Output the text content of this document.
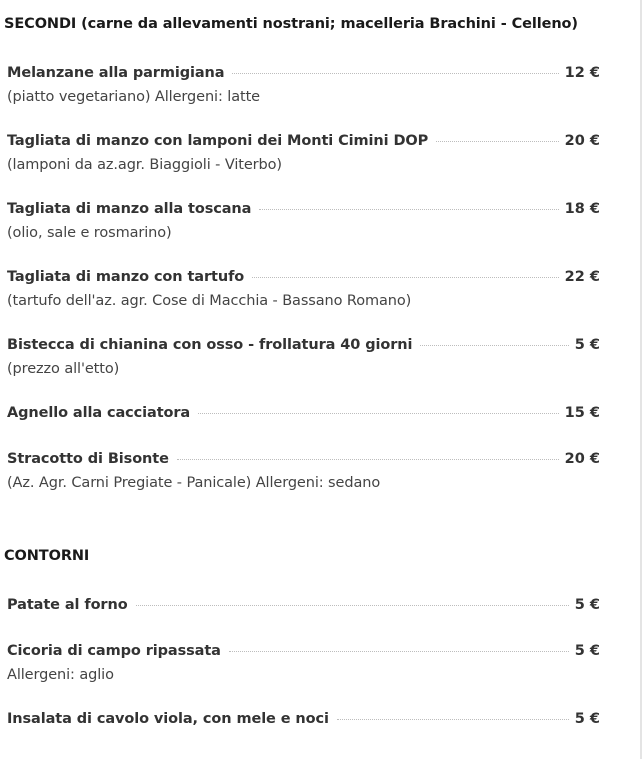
SECONDI (carne da allevamenti nostrani; macelleria Brachini - Celleno)
Melanzane alla parmigiana	12 €
(piatto vegetariano) Allergeni: latte
Tagliata di manzo con lamponi dei Monti Cimini DOP	20 €
(lamponi da az.agr. Biaggioli - Viterbo)
Tagliata di manzo alla toscana	18 €
(olio, sale e rosmarino)
Tagliata di manzo con tartufo	22 €
(tartufo dell'az. agr. Cose di Macchia - Bassano Romano)
Bistecca di chianina con osso - frollatura 40 giorni	5 €
(prezzo all'etto)
Agnello alla cacciatora	15 €
Stracotto di Bisonte	20 €
(Az. Agr. Carni Pregiate - Panicale) Allergeni: sedano
CONTORNI
Patate al forno	5 €
Cicoria di campo ripassata	5 €
Allergeni: aglio
Insalata di cavolo viola, con mele e noci	5 €
